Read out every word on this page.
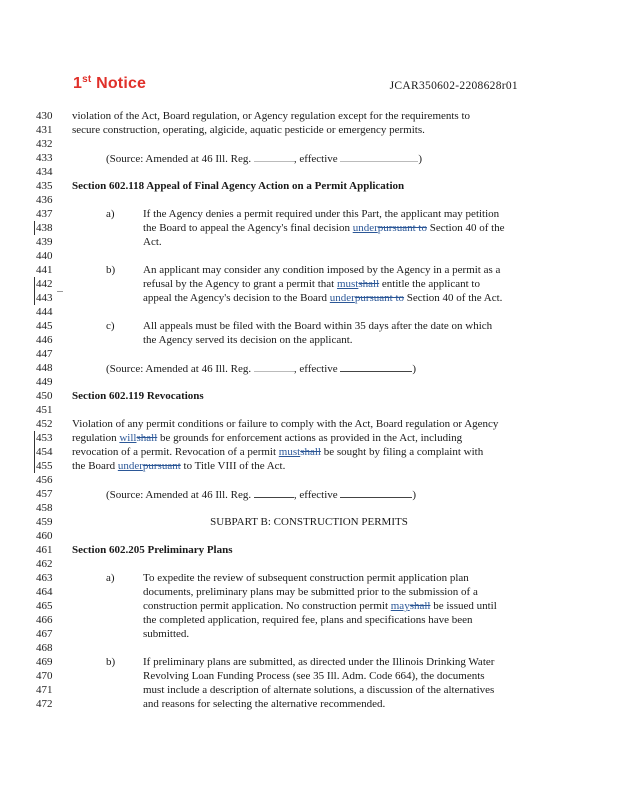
1st Notice	JCAR350602-2208628r01
430
431
432
433
434
435
436
437
438
439
440
441
442
443
444
445
446
447
448
449
450
451
452
453
454
455
456
457
458
459
460
461
462
463
464
465
466
467
468
469
470
471
472
violation of the Act, Board regulation, or Agency regulation except for the requirements to
secure construction, operating, algicide, aquatic pesticide or emergency permits.
(Source: Amended at 46 Ill. Reg.	, effective	)
Section 602.118 Appeal of Final Agency Action on a Permit Application
a)	If the Agency denies a permit required under this Part, the applicant may petition
the Board to appeal the Agency's final decision underpursuant to Section 40 of the
Act.
b)	An applicant may consider any condition imposed by the Agency in a permit as a
refusal by the Agency to grant a permit that mustshall entitle the applicant to
appeal the Agency's decision to the Board underpursuant to Section 40 of the Act.
c)	All appeals must be filed with the Board within 35 days after the date on which
the Agency served its decision on the applicant.
(Source: Amended at 46 Ill. Reg.	, effective	)
Section 602.119 Revocations
Violation of any permit conditions or failure to comply with the Act, Board regulation or Agency
regulation willshall be grounds for enforcement actions as provided in the Act, including
revocation of a permit. Revocation of a permit mustshall be sought by filing a complaint with
the Board underpursuant to Title VIII of the Act.
(Source: Amended at 46 Ill. Reg.	, effective	)
SUBPART B: CONSTRUCTION PERMITS
Section 602.205 Preliminary Plans
a)	To expedite the review of subsequent construction permit application plan
documents, preliminary plans may be submitted prior to the submission of a
construction permit application. No construction permit mayshall be issued until
the completed application, required fee, plans and specifications have been
submitted.
b)	If preliminary plans are submitted, as directed under the Illinois Drinking Water
Revolving Loan Funding Process (see 35 Ill. Adm. Code 664), the documents
must include a description of alternate solutions, a discussion of the alternatives
and reasons for selecting the alternative recommended.
